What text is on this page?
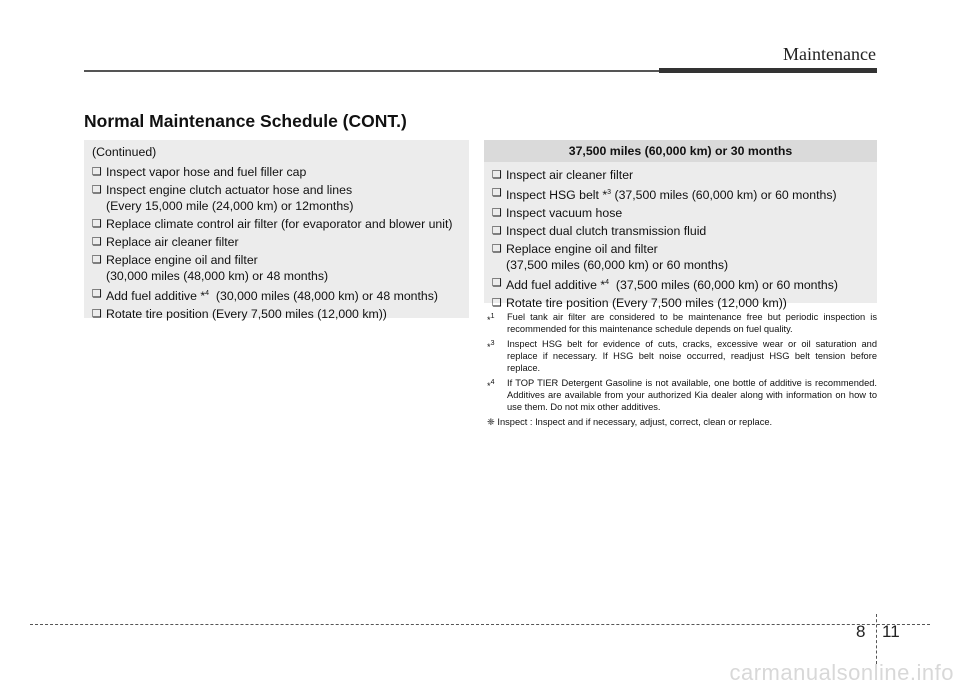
Maintenance
Normal Maintenance Schedule (CONT.)
(Continued)
❑ Inspect vapor hose and fuel filler cap
❑ Inspect engine clutch actuator hose and lines
(Every 15,000 mile (24,000 km) or 12months)
❑ Replace climate control air filter (for evaporator and blower unit)
❑ Replace air cleaner filter
❑ Replace engine oil and filter
(30,000 miles (48,000 km) or 48 months)
❑ Add fuel additive *$^4$  (30,000 miles (48,000 km) or 48 months)
❑ Rotate tire position (Every 7,500 miles (12,000 km))
37,500 miles (60,000 km) or 30 months
❑ Inspect air cleaner filter
❑ Inspect HSG belt *$^3$ (37,500 miles (60,000 km) or 60 months)
❑ Inspect vacuum hose
❑ Inspect dual clutch transmission fluid
❑ Replace engine oil and filter
(37,500 miles (60,000 km) or 60 months)
❑ Add fuel additive *$^4$  (37,500 miles (60,000 km) or 60 months)
❑ Rotate tire position (Every 7,500 miles (12,000 km))
*$^1$	Fuel tank air filter are considered to be maintenance free but periodic inspection is recommended for this maintenance schedule depends on fuel quality.
*$^3$	Inspect HSG belt for evidence of cuts, cracks, excessive wear or oil saturation and replace if necessary. If HSG belt noise occurred, readjust HSG belt tension before replace.
*$^4$	If TOP TIER Detergent Gasoline is not available, one bottle of additive is recommended. Additives are available from your authorized Kia dealer along with information on how to use them. Do not mix other additives.
❈ Inspect : Inspect and if necessary, adjust, correct, clean or replace.
8 11
carmanualsonline.info
